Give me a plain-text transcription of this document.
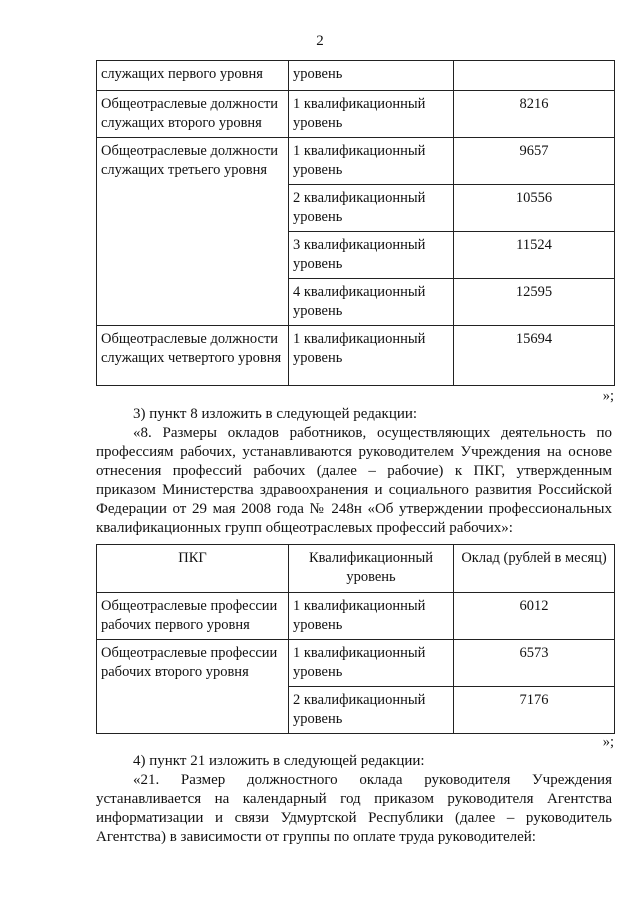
2
служащих первого уровня	уровень	
Общеотраслевые должности служащих второго уровня	1 квалификационный уровень	8216
Общеотраслевые должности служащих третьего уровня	1 квалификационный уровень	9657
	2 квалификационный уровень	10556
	3 квалификационный уровень	11524
	4 квалификационный уровень	12595
Общеотраслевые должности служащих четвертого уровня	1 квалификационный уровень	15694
»;
3) пункт 8 изложить в следующей редакции:
«8. Размеры окладов работников, осуществляющих деятельность по
профессиям рабочих, устанавливаются руководителем Учреждения на основе
отнесения профессий рабочих (далее – рабочие) к ПКГ, утвержденным
приказом Министерства здравоохранения и социального развития Российской
Федерации от 29 мая 2008 года № 248н «Об утверждении профессиональных
квалификационных групп общеотраслевых профессий рабочих»:
ПКГ	Квалификационный уровень	Оклад (рублей в месяц)
Общеотраслевые профессии рабочих первого уровня	1 квалификационный уровень	6012
Общеотраслевые профессии рабочих второго уровня	1 квалификационный уровень	6573
	2 квалификационный уровень	7176
»;
4) пункт 21 изложить в следующей редакции:
«21. Размер должностного оклада руководителя Учреждения
устанавливается на календарный год приказом руководителя Агентства
информатизации и связи Удмуртской Республики (далее – руководитель
Агентства) в зависимости от группы по оплате труда руководителей:
